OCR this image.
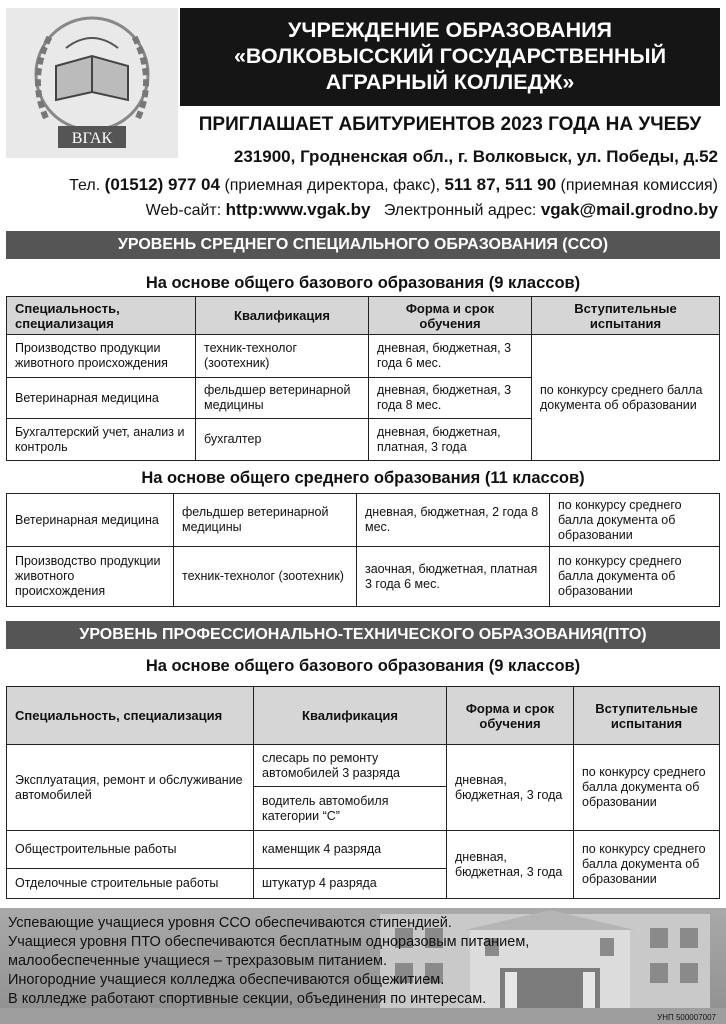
ВГАК
УЧРЕЖДЕНИЕ ОБРАЗОВАНИЯ
«ВОЛКОВЫССКИЙ ГОСУДАРСТВЕННЫЙ
АГРАРНЫЙ КОЛЛЕДЖ»
ПРИГЛАШАЕТ АБИТУРИЕНТОВ 2023 ГОДА НА УЧЕБУ
231900, Гродненская обл., г. Волковыск, ул. Победы, д.52
Тел. (01512) 977 04 (приемная директора, факс), 511 87, 511 90 (приемная комиссия)
Web-сайт: http:www.vgak.by Электронный адрес: vgak@mail.grodno.by
УРОВЕНЬ СРЕДНЕГО СПЕЦИАЛЬНОГО ОБРАЗОВАНИЯ (ССО)
На основе общего базового образования (9 классов)
Специальность, специализация	Квалификация	Форма и срок обучения	Вступительные испытания
Производство продукции животного происхождения	техник-технолог (зоотехник)	дневная, бюджетная, 3 года 6 мес.	по конкурсу среднего балла документа об образовании
Ветеринарная медицина	фельдшер ветеринарной медицины	дневная, бюджетная, 3 года 8 мес.	
Бухгалтерский учет, анализ и контроль	бухгалтер	дневная, бюджетная, платная, 3 года	
На основе общего среднего образования (11 классов)
Ветеринарная медицина	фельдшер ветеринарной медицины	дневная, бюджетная, 2 года 8 мес.	по конкурсу среднего балла документа об образовании
Производство продукции животного происхождения	техник-технолог (зоотехник)	заочная, бюджетная, платная 3 года 6 мес.	по конкурсу среднего балла документа об образовании
УРОВЕНЬ ПРОФЕССИОНАЛЬНО-ТЕХНИЧЕСКОГО ОБРАЗОВАНИЯ(ПТО)
На основе общего базового образования (9 классов)
Специальность, специализация	Квалификация	Форма и срок обучения	Вступительные испытания
Эксплуатация, ремонт и обслуживание автомобилей	слесарь по ремонту автомобилей 3 разряда	дневная, бюджетная, 3 года	по конкурсу среднего балла документа об образовании
	водитель автомобиля категории “С”		
Общестроительные работы	каменщик 4 разряда	дневная, бюджетная, 3 года	по конкурсу среднего балла документа об образовании
Отделочные строительные работы	штукатур 4 разряда		
Успевающие учащиеся уровня ССО обеспечиваются стипендией.
Учащиеся уровня ПТО обеспечиваются бесплатным одноразовым питанием,
малообеспеченные учащиеся – трехразовым питанием.
Иногородние учащиеся колледжа обеспечиваются общежитием.
В колледже работают спортивные секции, объединения по интересам.
УНП 500007007
